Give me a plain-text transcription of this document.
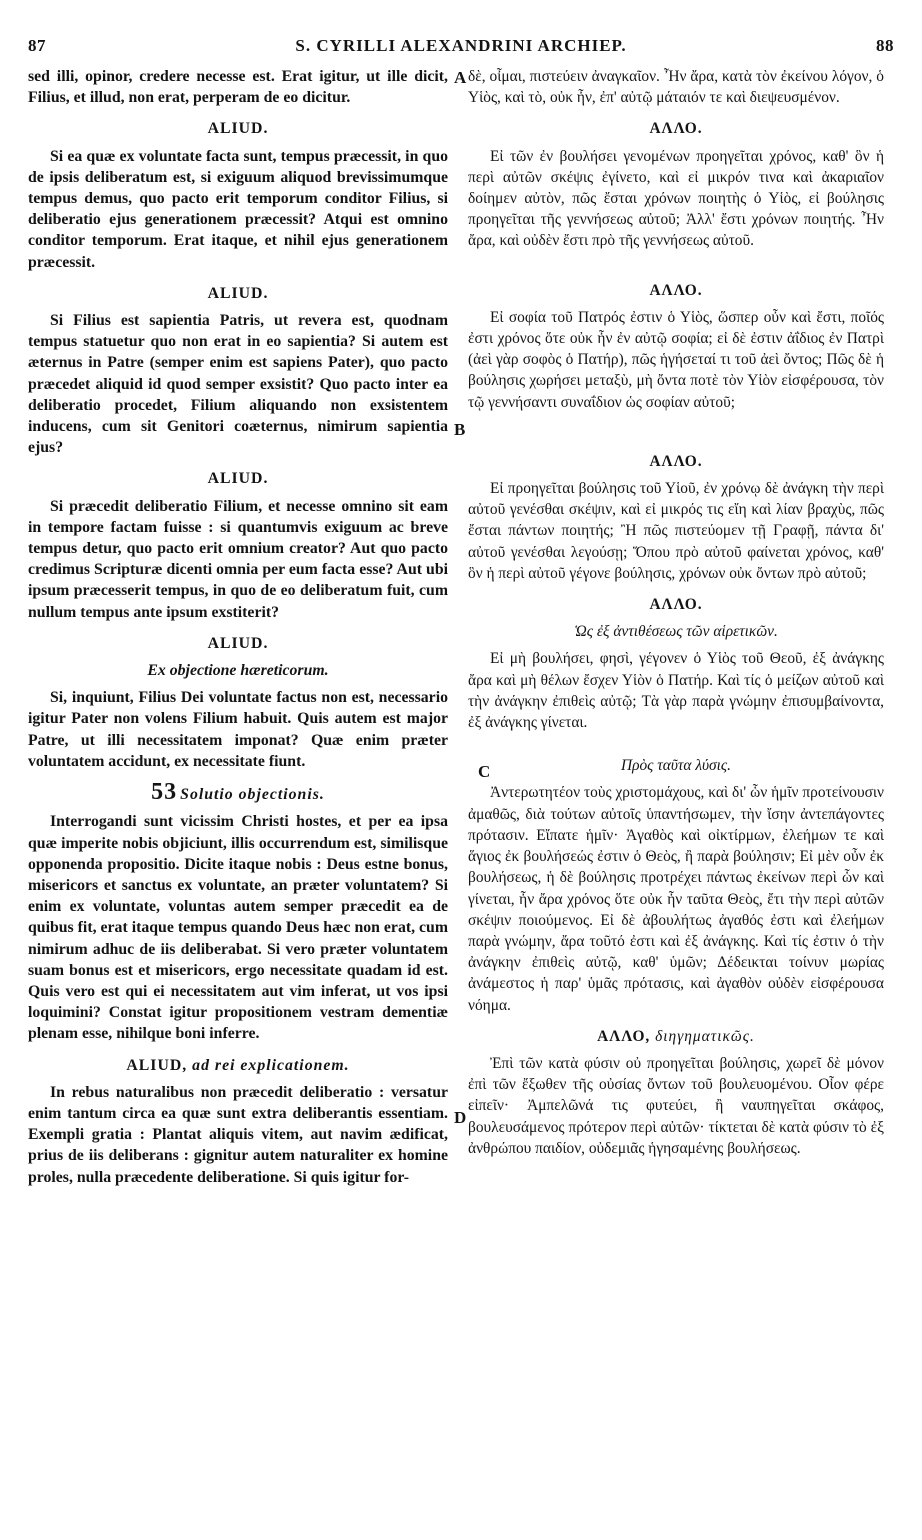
87	S. CYRILLI ALEXANDRINI ARCHIEP.	88

sed illi, opinor, credere necesse est. Erat igitur, ut ille dicit, Filius, et illud, non erat, perperam de eo dicitur.

ALIUD.

Si ea quæ ex voluntate facta sunt, tempus præcessit, in quo de ipsis deliberatum est, si exiguum aliquod brevissimumque tempus demus, quo pacto erit temporum conditor Filius, si deliberatio ejus generationem præcessit? Atqui est omnino conditor temporum. Erat itaque, et nihil ejus generationem præcessit.

ALIUD.

Si Filius est sapientia Patris, ut revera est, quodnam tempus statuetur quo non erat in eo sapientia? Si autem est æternus in Patre (semper enim est sapiens Pater), quo pacto præcedet aliquid id quod semper exsistit? Quo pacto inter ea deliberatio procedet, Filium aliquando non exsistentem inducens, cum sit Genitori coæternus, nimirum sapientia ejus?

ALIUD.

Si præcedit deliberatio Filium, et necesse omnino sit eam in tempore factam fuisse : si quantumvis exiguum ac breve tempus detur, quo pacto erit omnium creator? Aut quo pacto credimus Scripturæ dicenti omnia per eum facta esse? Aut ubi ipsum præcesserit tempus, in quo de eo deliberatum fuit, cum nullum tempus ante ipsum exstiterit?

ALIUD.
Ex objectione hæreticorum.

Si, inquiunt, Filius Dei voluntate factus non est, necessario igitur Pater non volens Filium habuit. Quis autem est major Patre, ut illi necessitatem imponat? Quæ enim præter voluntatem accidunt, ex necessitate fiunt.

53 Solutio objectionis.

Interrogandi sunt vicissim Christi hostes, et per ea ipsa quæ imperite nobis objiciunt, illis occurrendum est, similisque opponenda propositio. Dicite itaque nobis : Deus estne bonus, misericors et sanctus ex voluntate, an præter voluntatem? Si enim ex voluntate, voluntas autem semper præcedit ea de quibus fit, erat itaque tempus quando Deus hæc non erat, cum nimirum adhuc de iis deliberabat. Si vero præter voluntatem suam bonus est et misericors, ergo necessitate quadam id est. Quis vero est qui ei necessitatem aut vim inferat, ut vos ipsi loquimini? Constat igitur propositionem vestram dementiæ plenam esse, nihilque boni inferre.

ALIUD, ad rei explicationem.

In rebus naturalibus non præcedit deliberatio : versatur enim tantum circa ea quæ sunt extra deliberantis essentiam. Exempli gratia : Plantat aliquis vitem, aut navim ædificat, prius de iis deliberans : gignitur autem naturaliter ex homine proles, nulla præcedente deliberatione. Si quis igitur for-

A
B
C
D

δὲ, οἶμαι, πιστεύειν ἀναγκαῖον. Ἦν ἄρα, κατὰ τὸν ἐκείνου λόγον, ὁ Υἱὸς, καὶ τὸ, οὐκ ἦν, ἐπ' αὐτῷ μάταιόν τε καὶ διεψευσμένον.

ΑΛΛΟ.

Εἰ τῶν ἐν βουλήσει γενομένων προηγεῖται χρόνος, καθ' ὃν ἡ περὶ αὐτῶν σκέψις ἐγίνετο, καὶ εἰ μικρόν τινα καὶ ἀκαριαῖον δοίημεν αὐτὸν, πῶς ἔσται χρόνων ποιητὴς ὁ Υἱὸς, εἰ βούλησις προηγεῖται τῆς γεννήσεως αὐτοῦ; Ἀλλ' ἔστι χρόνων ποιητής. Ἦν ἄρα, καὶ οὐδὲν ἔστι πρὸ τῆς γεννήσεως αὐτοῦ.

ΑΛΛΟ.

Εἰ σοφία τοῦ Πατρός ἐστιν ὁ Υἱὸς, ὥσπερ οὖν καὶ ἔστι, ποῖός ἐστι χρόνος ὅτε οὐκ ἦν ἐν αὐτῷ σοφία; εἰ δὲ ἐστιν ἀΐδιος ἐν Πατρὶ (ἀεὶ γὰρ σοφὸς ὁ Πατήρ), πῶς ἡγήσεταί τι τοῦ ἀεὶ ὄντος; Πῶς δὲ ἡ βούλησις χωρήσει μεταξὺ, μὴ ὄντα ποτὲ τὸν Υἱὸν εἰσφέρουσα, τὸν τῷ γεννήσαντι συναΐδιον ὡς σοφίαν αὐτοῦ;

ΑΛΛΟ.

Εἰ προηγεῖται βούλησις τοῦ Υἱοῦ, ἐν χρόνῳ δὲ ἀνάγκη τὴν περὶ αὐτοῦ γενέσθαι σκέψιν, καὶ εἰ μικρός τις εἴη καὶ λίαν βραχὺς, πῶς ἔσται πάντων ποιητής; Ἢ πῶς πιστεύομεν τῇ Γραφῇ, πάντα δι' αὐτοῦ γενέσθαι λεγούσῃ; Ὅπου πρὸ αὐτοῦ φαίνεται χρόνος, καθ' ὃν ἡ περὶ αὐτοῦ γέγονε βούλησις, χρόνων οὐκ ὄντων πρὸ αὐτοῦ;

ΑΛΛΟ.
Ὡς ἐξ ἀντιθέσεως τῶν αἱρετικῶν.

Εἰ μὴ βουλήσει, φησὶ, γέγονεν ὁ Υἱὸς τοῦ Θεοῦ, ἐξ ἀνάγκης ἄρα καὶ μὴ θέλων ἔσχεν Υἱὸν ὁ Πατήρ. Καὶ τίς ὁ μείζων αὐτοῦ καὶ τὴν ἀνάγκην ἐπιθεὶς αὐτῷ; Τὰ γὰρ παρὰ γνώμην ἐπισυμβαίνοντα, ἐξ ἀνάγκης γίνεται.

Πρὸς ταῦτα λύσις.

Ἀντερωτητέον τοὺς χριστομάχους, καὶ δι' ὧν ἡμῖν προτείνουσιν ἀμαθῶς, διὰ τούτων αὐτοῖς ὑπαντήσωμεν, τὴν ἴσην ἀντεπάγοντες πρότασιν. Εἴπατε ἡμῖν· Ἀγαθὸς καὶ οἰκτίρμων, ἐλεήμων τε καὶ ἅγιος ἐκ βουλήσεώς ἐστιν ὁ Θεὸς, ἢ παρὰ βούλησιν; Εἰ μὲν οὖν ἐκ βουλήσεως, ἡ δὲ βούλησις προτρέχει πάντως ἐκείνων περὶ ὧν καὶ γίνεται, ἦν ἄρα χρόνος ὅτε οὐκ ἦν ταῦτα Θεὸς, ἔτι τὴν περὶ αὐτῶν σκέψιν ποιούμενος. Εἰ δὲ ἀβουλήτως ἀγαθός ἐστι καὶ ἐλεήμων παρὰ γνώμην, ἄρα τοῦτό ἐστι καὶ ἐξ ἀνάγκης. Καὶ τίς ἐστιν ὁ τὴν ἀνάγκην ἐπιθεὶς αὐτῷ, καθ' ὑμῶν; Δέδεικται τοίνυν μωρίας ἀνάμεστος ἡ παρ' ὑμᾶς πρότασις, καὶ ἀγαθὸν οὐδὲν εἰσφέρουσα νόημα.

ΑΛΛΟ, διηγηματικῶς.

Ἐπὶ τῶν κατὰ φύσιν οὐ προηγεῖται βούλησις, χωρεῖ δὲ μόνον ἐπὶ τῶν ἔξωθεν τῆς οὐσίας ὄντων τοῦ βουλευομένου. Οἷον φέρε εἰπεῖν· Ἀμπελῶνά τις φυτεύει, ἢ ναυπηγεῖται σκάφος, βουλευσάμενος πρότερον περὶ αὐτῶν· τίκτεται δὲ κατὰ φύσιν τὸ ἐξ ἀνθρώπου παιδίον, οὐδεμιᾶς ἡγησαμένης βουλήσεως.
